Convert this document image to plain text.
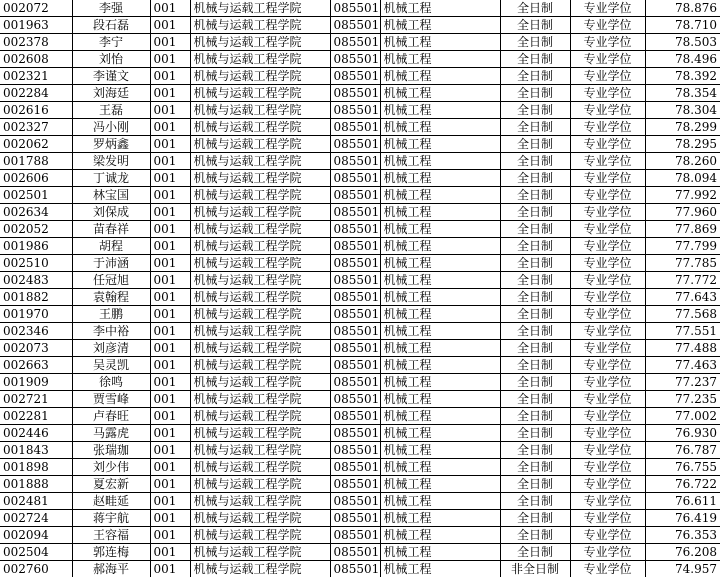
002072	李强	001	机械与运载工程学院	085501	机械工程	全日制	专业学位	78.876
001963	段石磊	001	机械与运载工程学院	085501	机械工程	全日制	专业学位	78.710
002378	李宁	001	机械与运载工程学院	085501	机械工程	全日制	专业学位	78.503
002608	刘怡	001	机械与运载工程学院	085501	机械工程	全日制	专业学位	78.496
002321	李谨文	001	机械与运载工程学院	085501	机械工程	全日制	专业学位	78.392
002284	刘海廷	001	机械与运载工程学院	085501	机械工程	全日制	专业学位	78.354
002616	王磊	001	机械与运载工程学院	085501	机械工程	全日制	专业学位	78.304
002327	冯小刚	001	机械与运载工程学院	085501	机械工程	全日制	专业学位	78.299
002062	罗炳鑫	001	机械与运载工程学院	085501	机械工程	全日制	专业学位	78.295
001788	梁发明	001	机械与运载工程学院	085501	机械工程	全日制	专业学位	78.260
002606	丁诚龙	001	机械与运载工程学院	085501	机械工程	全日制	专业学位	78.094
002501	林宝国	001	机械与运载工程学院	085501	机械工程	全日制	专业学位	77.992
002634	刘保成	001	机械与运载工程学院	085501	机械工程	全日制	专业学位	77.960
002052	苗春祥	001	机械与运载工程学院	085501	机械工程	全日制	专业学位	77.869
001986	胡程	001	机械与运载工程学院	085501	机械工程	全日制	专业学位	77.799
002510	于沛涵	001	机械与运载工程学院	085501	机械工程	全日制	专业学位	77.785
002483	任冠旭	001	机械与运载工程学院	085501	机械工程	全日制	专业学位	77.772
001882	袁翰程	001	机械与运载工程学院	085501	机械工程	全日制	专业学位	77.643
001970	王鹏	001	机械与运载工程学院	085501	机械工程	全日制	专业学位	77.568
002346	李中裕	001	机械与运载工程学院	085501	机械工程	全日制	专业学位	77.551
002073	刘彦清	001	机械与运载工程学院	085501	机械工程	全日制	专业学位	77.488
002663	吴灵凯	001	机械与运载工程学院	085501	机械工程	全日制	专业学位	77.463
001909	徐鸣	001	机械与运载工程学院	085501	机械工程	全日制	专业学位	77.237
002721	贾雪峰	001	机械与运载工程学院	085501	机械工程	全日制	专业学位	77.235
002281	卢春旺	001	机械与运载工程学院	085501	机械工程	全日制	专业学位	77.002
002446	马露虎	001	机械与运载工程学院	085501	机械工程	全日制	专业学位	76.930
001843	张瑞珈	001	机械与运载工程学院	085501	机械工程	全日制	专业学位	76.787
001898	刘少伟	001	机械与运载工程学院	085501	机械工程	全日制	专业学位	76.755
001888	夏宏新	001	机械与运载工程学院	085501	机械工程	全日制	专业学位	76.722
002481	赵畦延	001	机械与运载工程学院	085501	机械工程	全日制	专业学位	76.611
002724	蒋宇航	001	机械与运载工程学院	085501	机械工程	全日制	专业学位	76.419
002094	王容福	001	机械与运载工程学院	085501	机械工程	全日制	专业学位	76.353
002504	郭连梅	001	机械与运载工程学院	085501	机械工程	全日制	专业学位	76.208
002760	郝海平	001	机械与运载工程学院	085501	机械工程	非全日制	专业学位	74.957
